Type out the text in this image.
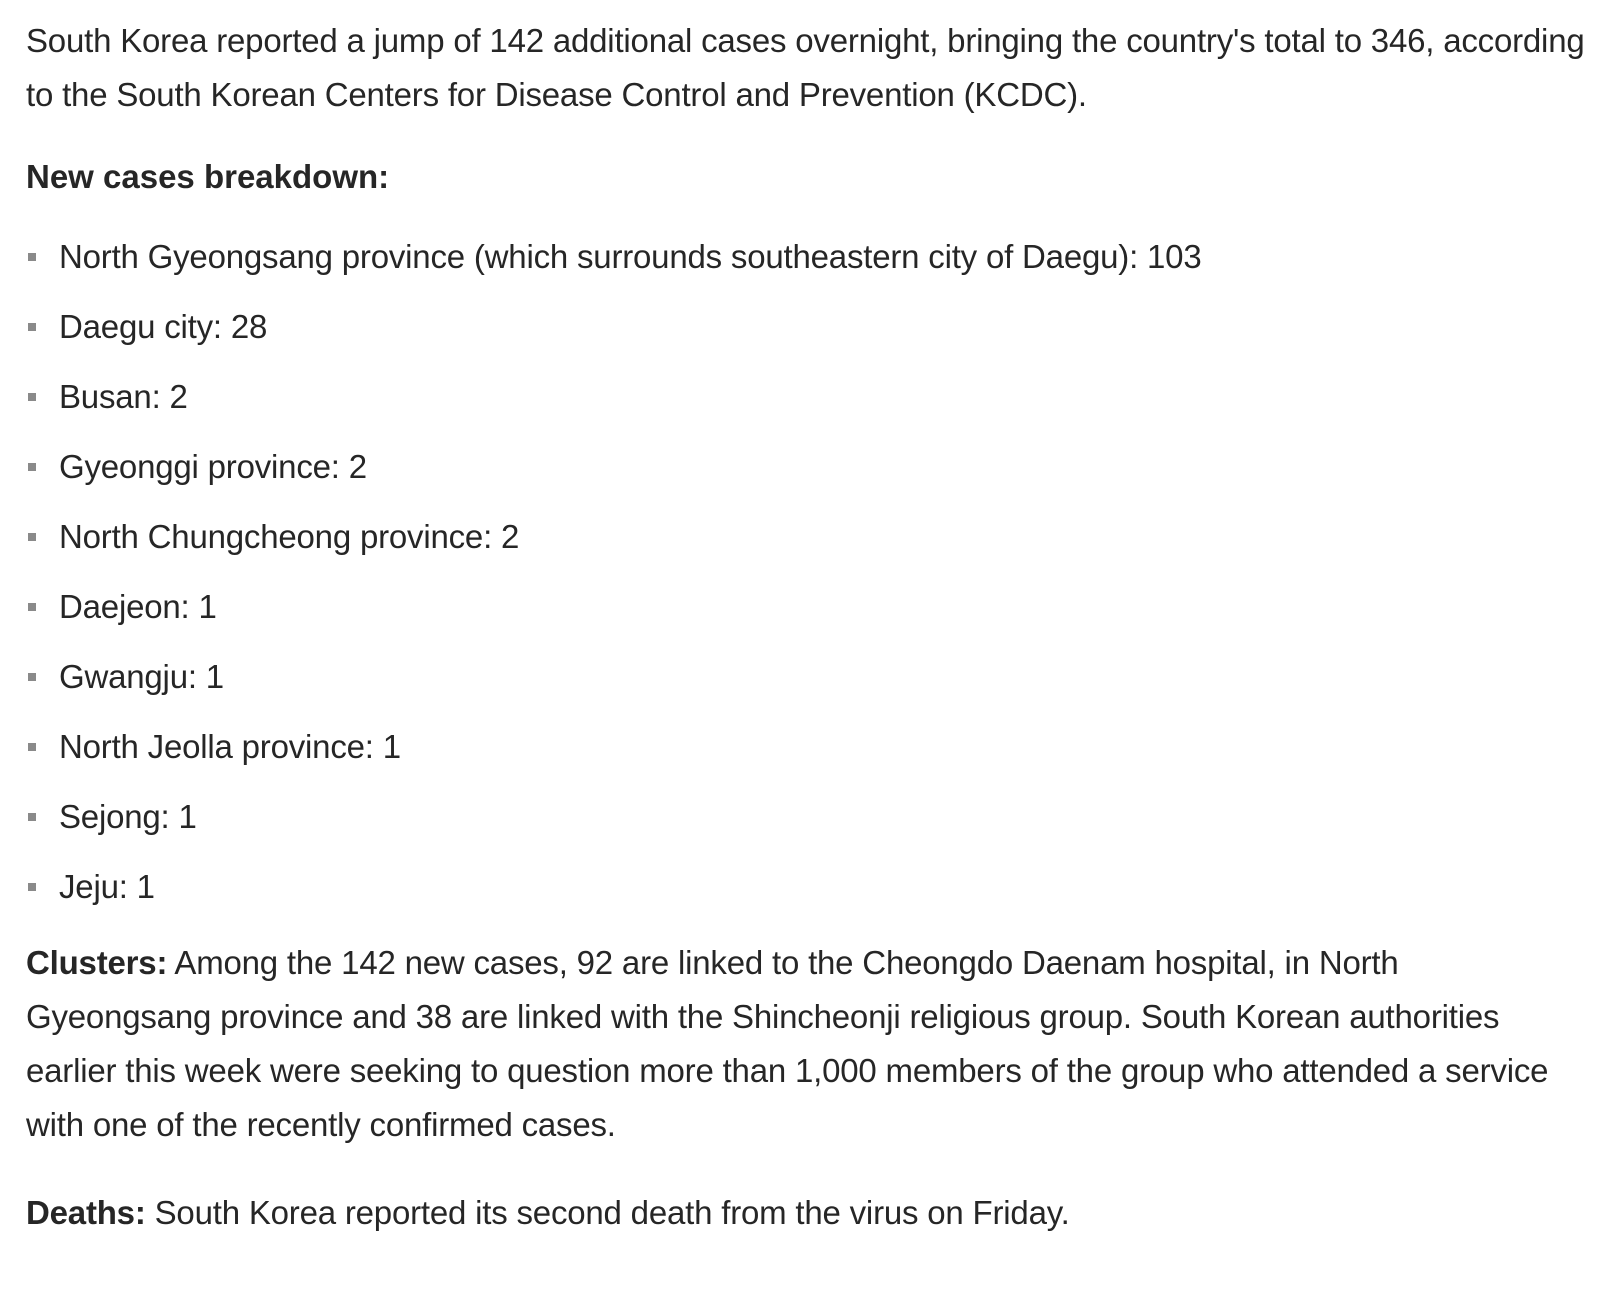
South Korea reported a jump of 142 additional cases overnight, bringing the country's total to 346, according to the South Korean Centers for Disease Control and Prevention (KCDC).

New cases breakdown:

North Gyeongsang province (which surrounds southeastern city of Daegu): 103
Daegu city: 28
Busan: 2
Gyeonggi province: 2
North Chungcheong province: 2
Daejeon: 1
Gwangju: 1
North Jeolla province: 1
Sejong: 1
Jeju: 1

Clusters: Among the 142 new cases, 92 are linked to the Cheongdo Daenam hospital, in North Gyeongsang province and 38 are linked with the Shincheonji religious group. South Korean authorities earlier this week were seeking to question more than 1,000 members of the group who attended a service with one of the recently confirmed cases.

Deaths: South Korea reported its second death from the virus on Friday.
